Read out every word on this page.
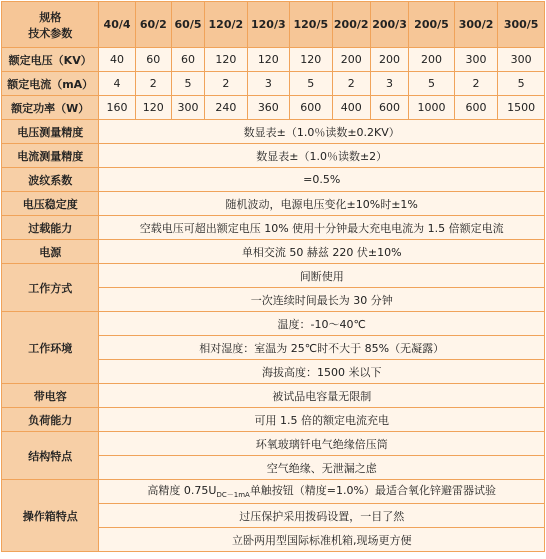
规格
技术参数	40/4	60/2	60/5	120/2	120/3	120/5	200/2	200/3	200/5	300/2	300/5
额定电压（KV）	40	60	60	120	120	120	200	200	200	300	300
额定电流（mA）	4	2	5	2	3	5	2	3	5	2	5
额定功率（W）	160	120	300	240	360	600	400	600	1000	600	1500
电压测量精度	数显表±（1.0％读数±0.2KV）										
电流测量精度	数显表±（1.0％读数±2）										
波纹系数	=0.5%										
电压稳定度	随机波动，电源电压变化±10%时±1%										
过载能力	空载电压可超出额定电压 10% 使用十分钟最大充电电流为 1.5 倍额定电流										
电源	单相交流 50 赫兹 220 伏±10%										
工作方式	间断使用										
	一次连续时间最长为 30 分钟										
工作环境	温度：-10～40℃										
	相对湿度：室温为 25℃时不大于 85%（无凝露）										
	海拔高度：1500 米以下										
带电容	被试品电容量无限制										
负荷能力	可用 1.5 倍的额定电流充电										
结构特点	环氧玻璃钎电气绝缘倍压筒										
	空气绝缘、无泄漏之虑										
操作箱特点	高精度 $0.75U_{DC-1mA}$单触按钮（精度=1.0%）最适合氧化锌避雷器试验										
	过压保护采用拨码设置，一目了然										
	立卧两用型国际标准机箱,现场更方便										
